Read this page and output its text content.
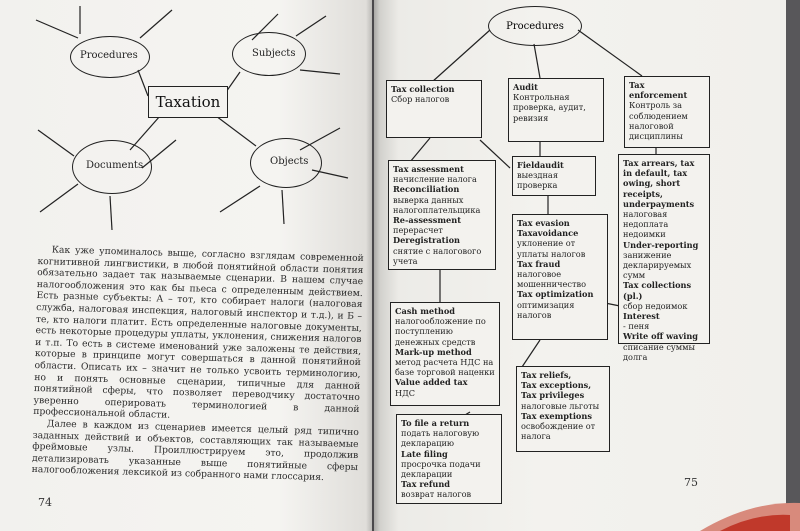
Procedures	Subjects
Documents	Objects
Taxation

Как уже упоминалось выше, согласно взглядам современной когнитивной лингвистики, в любой понятийной области понятия обязательно задает так называемые сценарии. В нашем случае налогообложения это как бы пьеса с определенным действием. Есть разные субъекты: А – тот, кто собирает налоги (налоговая служба, налоговая инспекция, налоговый инспектор и т.д.), и Б – те, кто налоги платит. Есть определенные налоговые документы, есть некоторые процедуры уплаты, уклонения, снижения налогов и т.п. То есть в системе именований уже заложены те действия, которые в принципе могут совершаться в данной понятийной области. Описать их – значит не только усвоить терминологию, но и понять основные сценарии, типичные для данной понятийной сферы, что позволяет переводчику достаточно уверенно оперировать терминологией в данной профессиональной области.

Далее в каждом из сценариев имеется целый ряд типично заданных действий и объектов, составляющих так называемые фреймовые узлы. Проиллюстрируем это, продолжив детализировать указанные выше понятийные сферы налогообложения лексикой из собранного нами глоссария.

74
Procedures
Tax collection
Сбор налогов
Audit
Контрольная проверка, аудит, ревизия
Tax enforcement
Контроль за соблюдением налоговой дисциплины
Tax assessment
начисление налога
Reconciliation
выверка данных налогоплательщика
Re-assessment
перерасчет
Deregistration
снятие с налогового учета
Fieldaudit
выездная проверка
Tax evasion
Taxavoidance
уклонение от уплаты налогов
Tax fraud
налоговое мошенничество
Tax optimization
оптимизация налогов
Tax arrears, tax in default, tax owing, short receipts, underpayments
налоговая недоплата недоимки
Under-reporting
занижение декларируемых сумм
Tax collections (pl.)
сбор недоимок
Interest
- пеня
Write off waving
списание суммы долга
Cash method
налогообложение по поступлению денежных средств
Mark-up method
метод расчета НДС на базе торговой наценки
Value added tax
НДС
Tax reliefs,
Tax exceptions,
Tax privileges
налоговые льготы
Tax exemptions
освобождение от налога
To file a return
подать налоговую декларацию
Late filing
просрочка подачи декларации
Tax refund
возврат налогов
75
